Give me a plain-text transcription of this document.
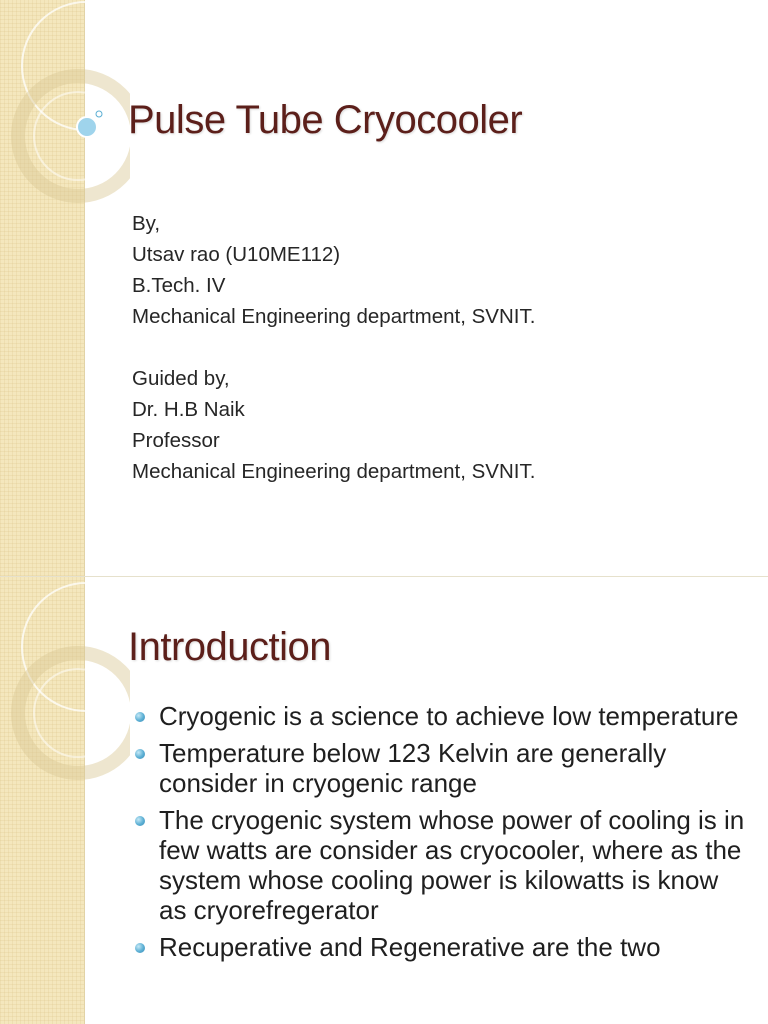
Pulse Tube Cryocooler
By,
Utsav rao (U10ME112)
B.Tech. IV
Mechanical Engineering department, SVNIT.
Guided by,
Dr. H.B Naik
Professor
Mechanical Engineering department, SVNIT.
Introduction
Cryogenic is a science to achieve low temperature
Temperature below 123 Kelvin are generally consider in cryogenic range
The cryogenic system whose power of cooling is in few watts are consider as cryocooler, where as the system whose cooling power is kilowatts is know as cryorefregerator
Recuperative and Regenerative are the two
